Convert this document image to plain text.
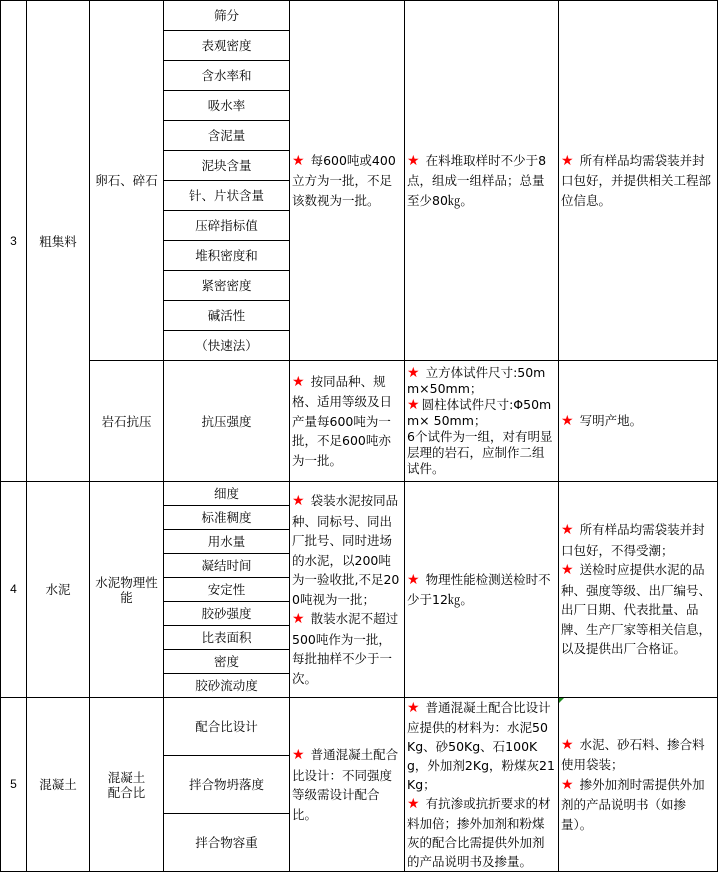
3	粗集料	卵石、碎石	筛分	★ 每600吨或400立方为一批，不足该数视为一批。	★ 在料堆取样时不少于8点，组成一组样品；总量至少80㎏。	★ 所有样品均需袋装并封口包好，并提供相关工程部位信息。
			表观密度			
			含水率和			
			吸水率			
			含泥量			
			泥块含量			
			针、片状含量			
			压碎指标值			
			堆积密度和			
			紧密密度			
			碱活性			
			（快速法）			
		岩石抗压	抗压强度	★ 按同品种、规格、适用等级及日产量每600吨为一批，不足600吨亦为一批。	★ 立方体试件尺寸:50mm×50mm；
★ 圆柱体试件尺寸:Φ50mm× 50mm；
6个试件为一组，对有明显层理的岩石，应制作二组试件。	★ 写明产地。

4	水泥	水泥物理性能	细度	★ 袋装水泥按同品种、同标号、同出厂批号、同时进场的水泥，以200吨为一验收批,不足200吨视为一批；
★ 散装水泥不超过500吨作为一批，每批抽样不少于一次。	★ 物理性能检测送检时不少于12㎏。	★ 所有样品均需袋装并封口包好，不得受潮；
★ 送检时应提供水泥的品种、强度等级、出厂编号、出厂日期、代表批量、品牌、生产厂家等相关信息，以及提供出厂合格证。

			标准稠度			
			用水量			
			凝结时间			
			安定性			
			胶砂强度			
			比表面积			
			密度			
			胶砂流动度			
5	混凝土	混凝土配合比	配合比设计	★ 普通混凝土配合比设计：不同强度等级需设计配合比。	★ 普通混凝土配合比设计应提供的材料为：水泥50Kg、砂50Kg、石100Kg，外加剂2Kg，粉煤灰21Kg；
★ 有抗渗或抗折要求的材料加倍；掺外加剂和粉煤灰的配合比需提供外加剂的产品说明书及掺量。	★ 水泥、砂石料、掺合料使用袋装；
★ 掺外加剂时需提供外加剂的产品说明书（如掺量）。

			拌合物坍落度			
			拌合物容重			
